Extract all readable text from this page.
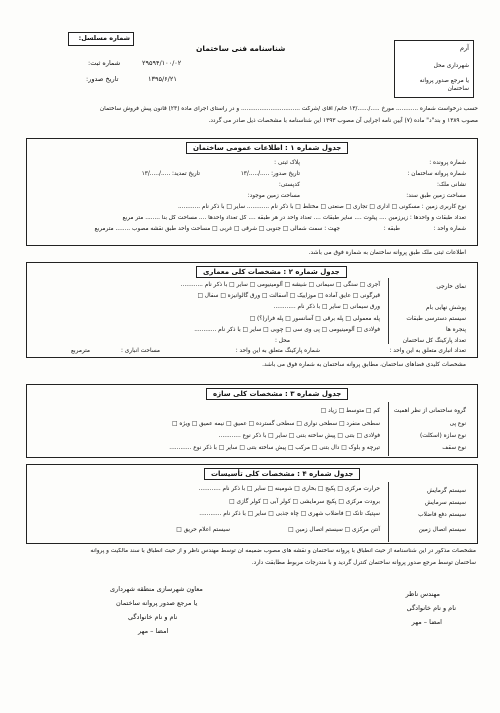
شماره مسلسل:
شناسنامه فنی ساختمان
۲۹۵۹۴/۱۰۰/۰۲
شماره ثبت:
۱۳۹۵/۶/۲۱
تاریخ صدور:
آرم
شهرداری محل
یا مرجع صدور پروانه ساختمان
حسب درخواست شماره ............ مورخ ...../....../۱۳ خانم/ آقای /شرکت ................................ و در راستای اجرای ماده (۲۳) قانون پیش فروش ساختمان
مصوب ۱۳۸۹ و بند"د" ماده (۷) آیین نامه اجرایی آن مصوب ۱۳۹۳ این شناسنامه با مشخصات ذیل صادر می گردد.
جدول شماره ۱ : اطلاعات عمومی ساختمان
شماره پرونده :
پلاک ثبتی :
شماره پروانه ساختمان :
تاریخ صدور: ...../...../۱۳
تاریخ تمدید: ...../...../۱۳
نشانی ملک:
کدپستی:
مساحت زمین طبق سند:
مساحت زمین موجود:
نوع کاربری زمین : مسکونی □ اداری □ تجاری □ صنعتی □ مختلط □ با ذکر نام ............ سایر □ با ذکر نام ............
تعداد طبقات و واحدها : زیرزمین .... پیلوت .... سایر طبقات .... تعداد واحد در هر طبقه .... کل تعداد واحدها .... مساحت کل بنا ........ متر مربع
شماره واحد :
طبقه :
جهت : سمت شمالی □ جنوبی □ شرقی □ غربی □ مساحت واحد طبق نقشه مصوب ........ مترمربع
اطلاعات ثبتی ملک طبق پروانه ساختمان به شماره فوق می باشد.
جدول شماره ۲ : مشخصات کلی معماری
نمای خارجی
آجری □ سنگی □ سیمانی □ شیشه □ آلومینیومی □ سایر □ با ذکر نام ............
قیرگونی □ عایق آماده □ موزاییک □ آسفالت □ ورق گالوانیزه □ سفال □
پوشش نهایی بام
ورق سیمانی □ سایر □ با ذکر نام ............
سیستم دسترسی طبقات
پله معمولی □ پله برقی □ آسانسور □ پله فرار(؟) □
پنجره ها
فولادی □ آلومینیومی □ پی وی سی □ چوبی □ سایر □ با ذکر نام ............
تعداد پارکینگ کل ساختمان
محل :
تعداد انباری متعلق به این واحد :
شماره پارکینگ متعلق به این واحد :
مساحت انباری :
مترمربع
مشخصات کلیدی فضاهای ساختمان، مطابق پروانه ساختمان به شماره فوق می باشد.
جدول شماره ۳ : مشخصات کلی سازه
گروه ساختمانی از نظر اهمیت
کم □ متوسط □ زیاد □
نوع پی
سطحی منفرد □ سطحی نواری □ سطحی گسترده □ عمیق □ نیمه عمیق □ ویژه □
نوع سازه (اسکلت)
فولادی □ بتنی □ پیش ساخته بتنی □ سایر □ با ذکر نوع ............
نوع سقف
تیرچه و بلوک □ دال بتنی □ مرکب □ پیش ساخته بتنی □ سایر □ با ذکر نوع ............
جدول شماره ۴ : مشخصات کلی تأسیسات
سیستم گرمایش
حرارت مرکزی □ پکیج □ بخاری □ شومینه □ سایر □ با ذکر نام ............
سیستم سرمایش
برودت مرکزی □ پکیج سرمایشی □ کولر آبی □ کولر گازی □
سیستم دفع فاضلاب
سپتیک تانک □ فاضلاب شهری □ چاه جذبی □ سایر □ با ذکر نام ............
سیستم اتصال زمین
آنتن مرکزی □ سیستم اتصال زمین □
سیستم اعلام حریق □
مشخصات مذکور در این شناسنامه از حیث انطباق با پروانه ساختمان و نقشه های مصوب ضمیمه آن توسط مهندس ناظر و از حیث انطباق با سند مالکیت و پروانه
ساختمان توسط مرجع صدور پروانه ساختمان کنترل گردید و با مندرجات مربوط مطابقت دارد.
مهندس ناظر
نام و نام خانوادگی
امضا – مهر
معاون شهرسازی منطقه شهرداری
یا مرجع صدور پروانه ساختمان
نام و نام خانوادگی
امضا – مهر
